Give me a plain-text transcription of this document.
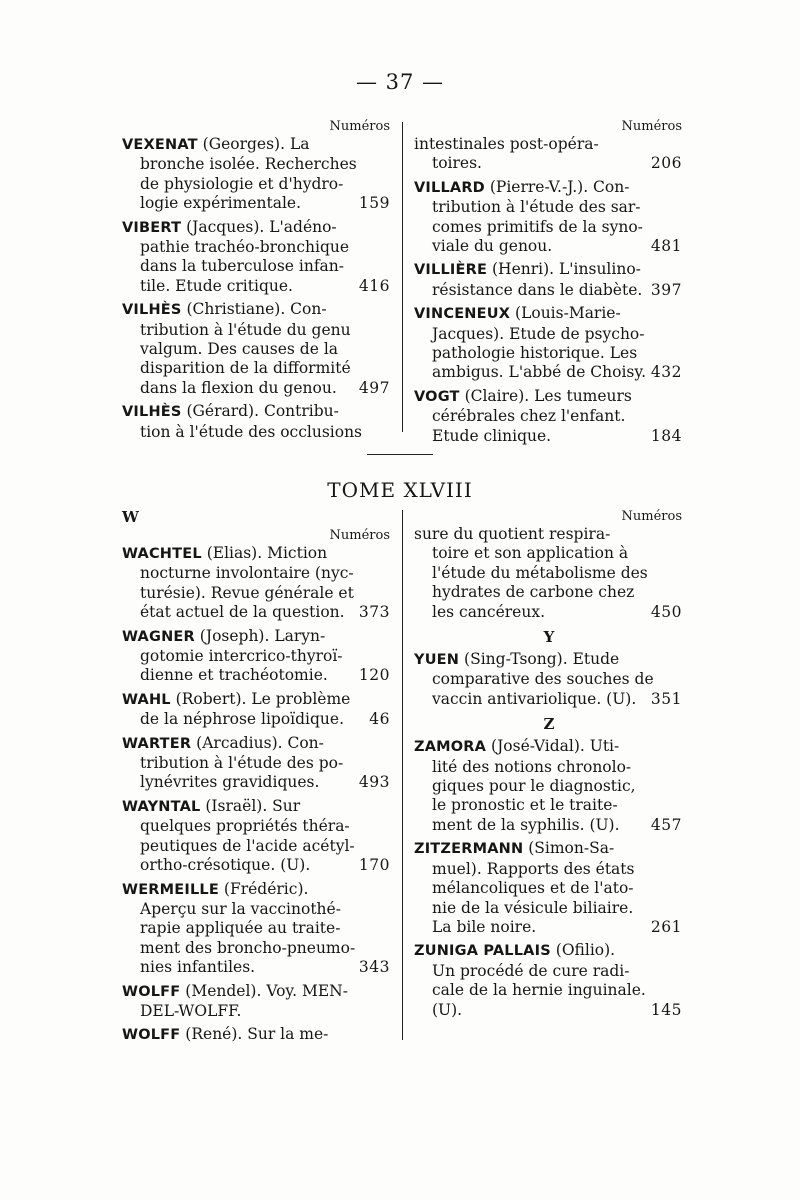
— 37 —
Numéros
VEXENAT (Georges). La
bronche isolée. Recherches
de physiologie et d'hydro-
logie expérimentale.	159
VIBERT (Jacques). L'adéno-
pathie trachéo-bronchique
dans la tuberculose infan-
tile. Etude critique.	416
VILHÈS (Christiane). Con-
tribution à l'étude du genu
valgum. Des causes de la
disparition de la difformité
dans la flexion du genou. 497
VILHÈS (Gérard). Contribu-
tion à l'étude des occlusions
Numéros
intestinales post-opéra-
toires.	206
VILLARD (Pierre-V.-J.). Con-
tribution à l'étude des sar-
comes primitifs de la syno-
viale du genou.	481
VILLIÈRE (Henri). L'insulino-
résistance dans le diabète. 397
VINCENEUX (Louis-Marie-
Jacques). Etude de psycho-
pathologie historique. Les
ambigus. L'abbé de Choisy. 432
VOGT (Claire). Les tumeurs
cérébrales chez l'enfant.
Etude clinique.	184
TOME XLVIII
W
Numéros
WACHTEL (Elias). Miction
nocturne involontaire (nyc-
turésie). Revue générale et
état actuel de la question. 373
WAGNER (Joseph). Laryn-
gotomie intercrico-thyroï-
dienne et trachéotomie. 120
WAHL (Robert). Le problème
de la néphrose lipoïdique. 46
WARTER (Arcadius). Con-
tribution à l'étude des po-
lynévrites gravidiques.	493
WAYNTAL (Israël). Sur
quelques propriétés théra-
peutiques de l'acide acétyl-
ortho-crésotique. (U).	170
WERMEILLE (Frédéric).
Aperçu sur la vaccinothé-
rapie appliquée au traite-
ment des broncho-pneumo-
nies infantiles.	343
WOLFF (Mendel). Voy. MEN-
DEL-WOLFF.
WOLFF (René). Sur la me-
Numéros
sure du quotient respira-
toire et son application à
l'étude du métabolisme des
hydrates de carbone chez
les cancéreux.	450
Y
YUEN (Sing-Tsong). Etude
comparative des souches de
vaccin antivariolique. (U). 351
Z
ZAMORA (José-Vidal). Uti-
lité des notions chronolo-
giques pour le diagnostic,
le pronostic et le traite-
ment de la syphilis. (U). 457
ZITZERMANN (Simon-Sa-
muel). Rapports des états
mélancoliques et de l'ato-
nie de la vésicule biliaire.
La bile noire.	261
ZUNIGA PALLAIS (Ofilio).
Un procédé de cure radi-
cale de la hernie inguinale.
(U).	145
